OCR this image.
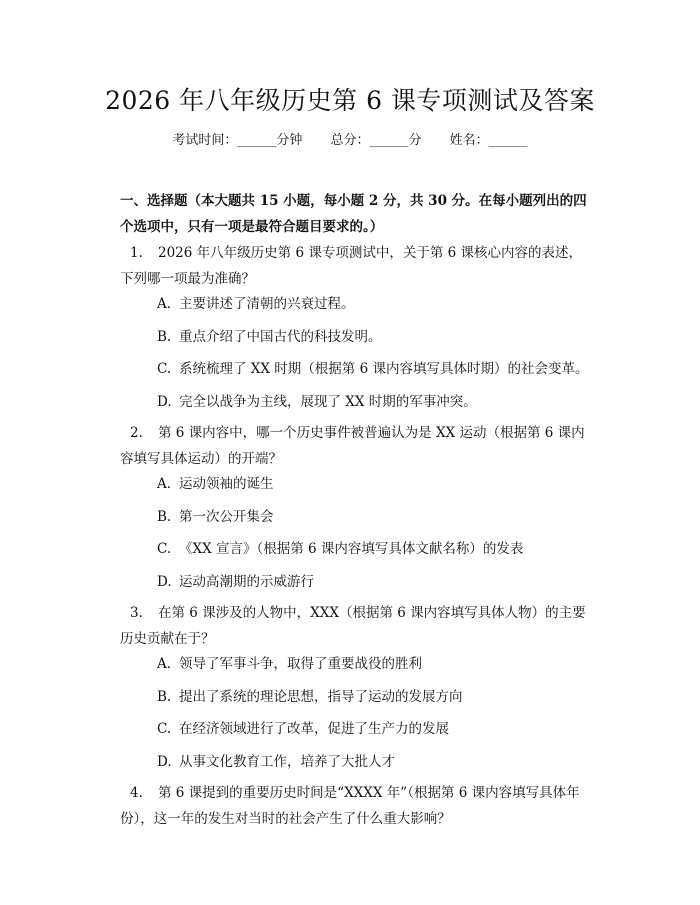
2026 年八年级历史第 6 课专项测试及答案
考试时间：______分钟 总分：______分 姓名：______
一、选择题（本大题共 15 小题，每小题 2 分，共 30 分。在每小题列出的四个选项中，只有一项是最符合题目要求的。）
1. 2026 年八年级历史第 6 课专项测试中，关于第 6 课核心内容的表述，下列哪一项最为准确？
A. 主要讲述了清朝的兴衰过程。
B. 重点介绍了中国古代的科技发明。
C. 系统梳理了 XX 时期（根据第 6 课内容填写具体时期）的社会变革。
D. 完全以战争为主线，展现了 XX 时期的军事冲突。
2. 第 6 课内容中，哪一个历史事件被普遍认为是 XX 运动（根据第 6 课内容填写具体运动）的开端？
A. 运动领袖的诞生
B. 第一次公开集会
C. 《XX 宣言》（根据第 6 课内容填写具体文献名称）的发表
D. 运动高潮期的示威游行
3. 在第 6 课涉及的人物中，XXX（根据第 6 课内容填写具体人物）的主要历史贡献在于？
A. 领导了军事斗争，取得了重要战役的胜利
B. 提出了系统的理论思想，指导了运动的发展方向
C. 在经济领域进行了改革，促进了生产力的发展
D. 从事文化教育工作，培养了大批人才
4. 第 6 课提到的重要历史时间是“XXXX 年”（根据第 6 课内容填写具体年份），这一年的发生对当时的社会产生了什么重大影响？
